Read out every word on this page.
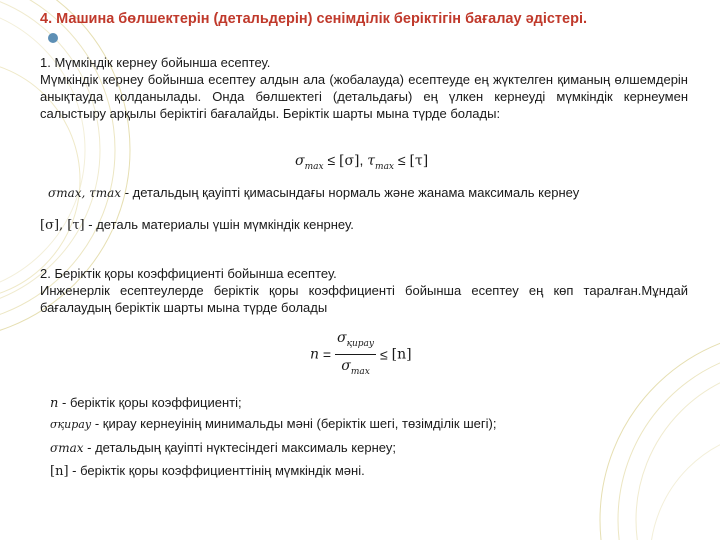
4. Машина бөлшектерін (детальдерін) сенімділік беріктігін бағалау әдістері.
1. Мүмкіндік кернеу бойынша есептеу.
Мүмкіндік кернеу бойынша есептеу алдын ала (жобалауда) есептеуде ең жүктелген қиманың өлшемдерін анықтауда қолданылады. Онда бөлшектегі (детальдағы) ең үлкен кернеуді мүмкіндік кернеумен салыстыру арқылы беріктігі бағалайды. Беріктік шарты мына түрде болады:
$\sigma_{max} \le [\sigma]$, $\tau_{max} \le [\tau]$
σmax, τmax - детальдың қауіпті қимасындағы нормаль және жанама максималь кернеу
[σ], [τ] - деталь материалы үшін мүмкіндік кенрнеу.
2. Беріктік қоры коэффициенті бойынша есептеу.
Инженерлік есептеулерде беріктік қоры коэффициенті бойынша есептеу ең көп таралған.Мұндай бағалаудың беріктік шарты мына түрде болады
$n = \frac{\sigma_{қирау}}{\sigma_{max}} \le [n]$
n - беріктік қоры коэффициенті;
σқирау - қирау кернеуінің минимальды мәні (беріктік шегі, төзімділік шегі);
σmax - детальдың қауіпті нүктесіндегі максималь кернеу;
[n] - беріктік қоры коэффициенттінің мүмкіндік мәні.
